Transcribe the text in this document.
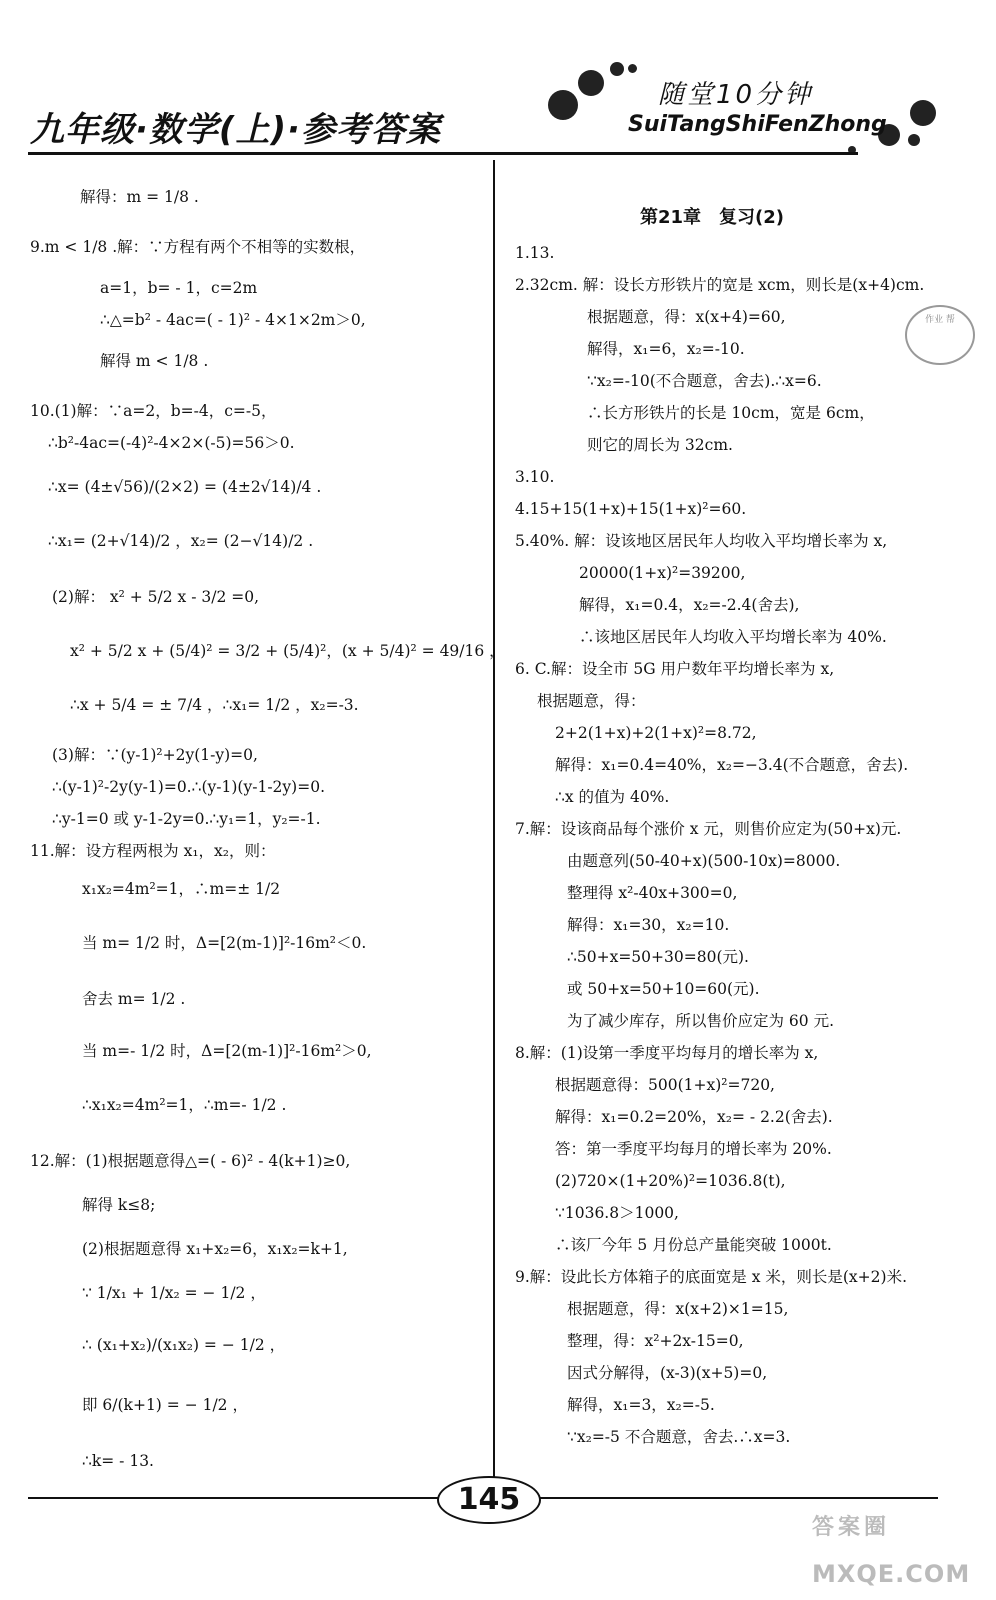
九年级·数学(上)·参考答案
随堂10分钟
SuiTangShiFenZhong
解得：m = 1/8 .
9.m < 1/8 .解：∵方程有两个不相等的实数根，
a=1，b= - 1，c=2m
∴△=b² - 4ac=( - 1)² - 4×1×2m＞0,
解得 m < 1/8 .
10.(1)解：∵a=2，b=-4，c=-5，
∴b²-4ac=(-4)²-4×2×(-5)=56＞0.
∴x= (4±√56)/(2×2) = (4±2√14)/4 .
∴x₁= (2+√14)/2 ，x₂= (2−√14)/2 .
(2)解： x² + 5/2 x - 3/2 =0,
x² + 5/2 x + (5/4)² = 3/2 + (5/4)²，(x + 5/4)² = 49/16 ，
∴x + 5/4 = ± 7/4 ，∴x₁= 1/2 ，x₂=-3.
(3)解：∵(y-1)²+2y(1-y)=0,
∴(y-1)²-2y(y-1)=0.∴(y-1)(y-1-2y)=0.
∴y-1=0 或 y-1-2y=0.∴y₁=1，y₂=-1.
11.解：设方程两根为 x₁，x₂，则：
x₁x₂=4m²=1，∴m=± 1/2
当 m= 1/2 时，Δ=[2(m-1)]²-16m²＜0.
舍去 m= 1/2 .
当 m=- 1/2 时，Δ=[2(m-1)]²-16m²＞0,
∴x₁x₂=4m²=1，∴m=- 1/2 .
12.解：(1)根据题意得△=( - 6)² - 4(k+1)≥0,
解得 k≤8;
(2)根据题意得 x₁+x₂=6，x₁x₂=k+1,
∵ 1/x₁ + 1/x₂ = − 1/2 ，
∴ (x₁+x₂)/(x₁x₂) = − 1/2 ，
即 6/(k+1) = − 1/2 ，
∴k= - 13.
第21章　复习(2)
1.13.
2.32cm. 解：设长方形铁片的宽是 xcm，则长是(x+4)cm.
根据题意，得：x(x+4)=60,
解得，x₁=6，x₂=-10.
∵x₂=-10(不合题意，舍去).∴x=6.
∴长方形铁片的长是 10cm，宽是 6cm，
则它的周长为 32cm.
3.10.
4.15+15(1+x)+15(1+x)²=60.
5.40%. 解：设该地区居民年人均收入平均增长率为 x,
20000(1+x)²=39200,
解得，x₁=0.4，x₂=-2.4(舍去),
∴该地区居民年人均收入平均增长率为 40%.
6. C.解：设全市 5G 用户数年平均增长率为 x,
根据题意，得：
2+2(1+x)+2(1+x)²=8.72,
解得：x₁=0.4=40%，x₂=−3.4(不合题意，舍去).
∴x 的值为 40%.
7.解：设该商品每个涨价 x 元，则售价应定为(50+x)元.
由题意列(50-40+x)(500-10x)=8000.
整理得 x²-40x+300=0,
解得：x₁=30，x₂=10.
∴50+x=50+30=80(元).
或 50+x=50+10=60(元).
为了减少库存，所以售价应定为 60 元.
8.解：(1)设第一季度平均每月的增长率为 x,
根据题意得：500(1+x)²=720,
解得：x₁=0.2=20%，x₂= - 2.2(舍去).
答：第一季度平均每月的增长率为 20%.
(2)720×(1+20%)²=1036.8(t),
∵1036.8＞1000,
∴该厂今年 5 月份总产量能突破 1000t.
9.解：设此长方体箱子的底面宽是 x 米，则长是(x+2)米.
根据题意，得：x(x+2)×1=15,
整理，得：x²+2x-15=0,
因式分解得，(x-3)(x+5)=0,
解得，x₁=3，x₂=-5.
∵x₂=-5 不合题意，舍去.∴x=3.
作业 帮
145
答案圈
MXQE.COM
